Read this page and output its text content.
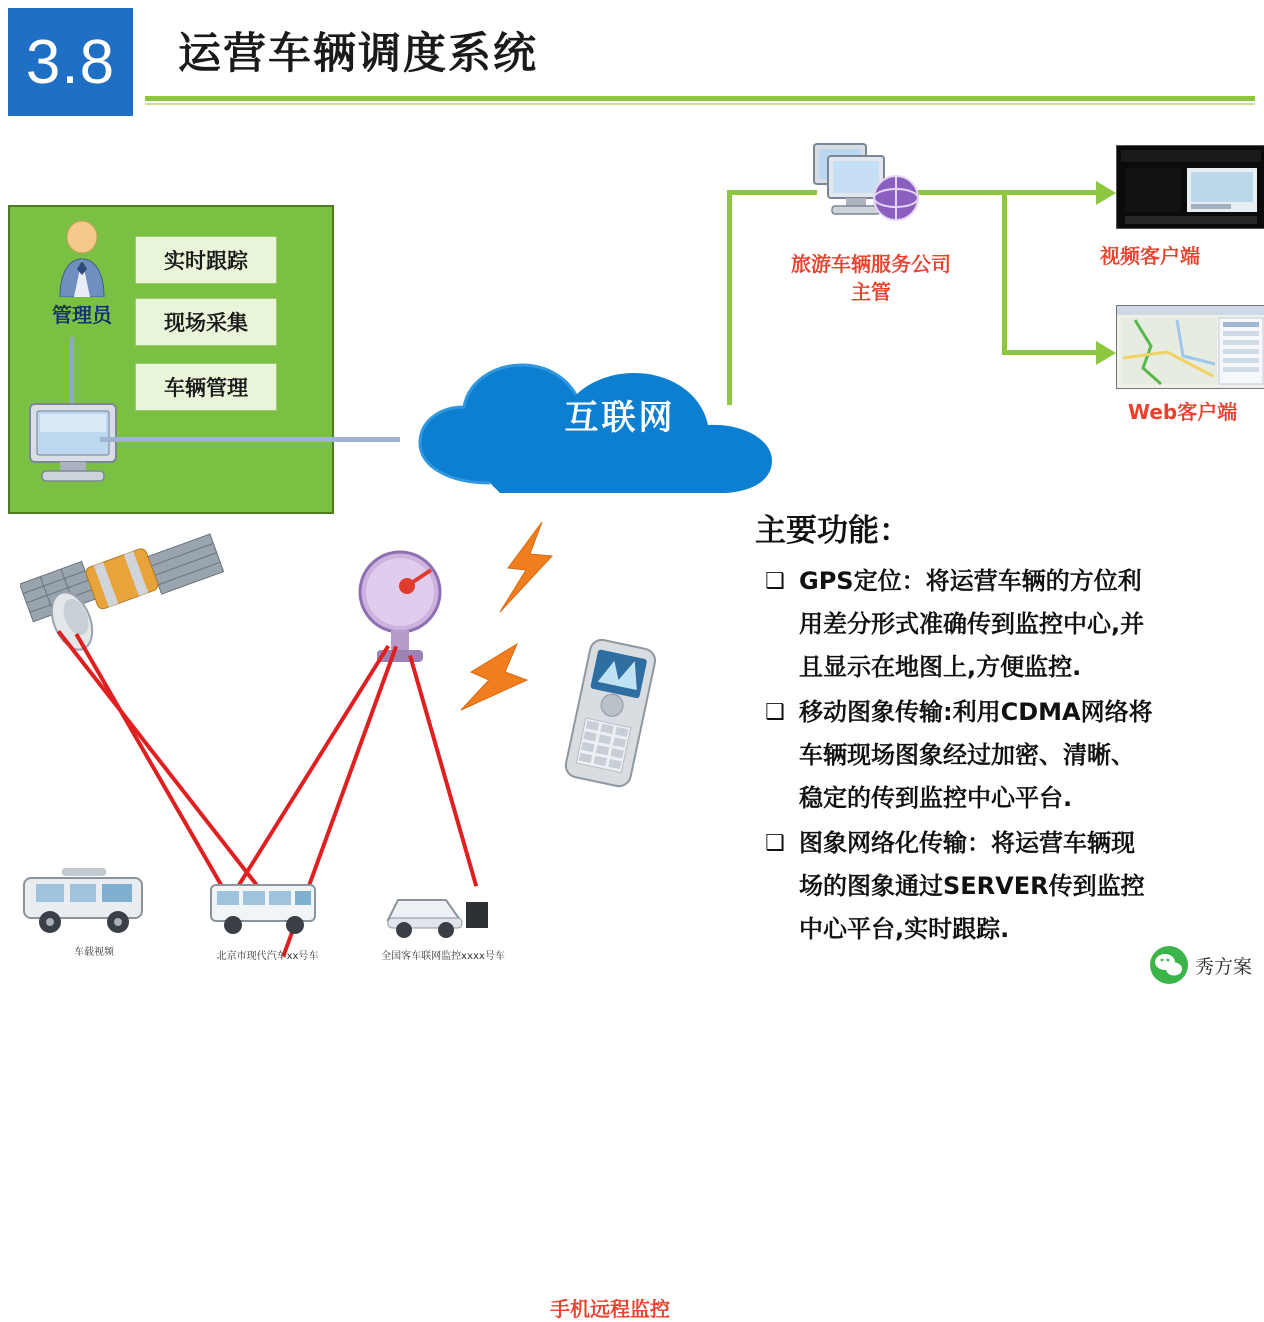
3.8	运营车辆调度系统
管理员
实时跟踪
现场采集
车辆管理
互联网
旅游车辆服务公司主管
视频客户端
Web客户端
手机远程监控
车载视频	北京市现代汽车xx号车	全国客车联网监控xxxx号车
主要功能：
❑ GPS定位：将运营车辆的方位利
用差分形式准确传到监控中心,并
且显示在地图上,方便监控.
❑ 移动图象传输:利用CDMA网络将
车辆现场图象经过加密、清晰、
稳定的传到监控中心平台.
❑ 图象网络化传输：将运营车辆现
场的图象通过SERVER传到监控
中心平台,实时跟踪.
秀方案
